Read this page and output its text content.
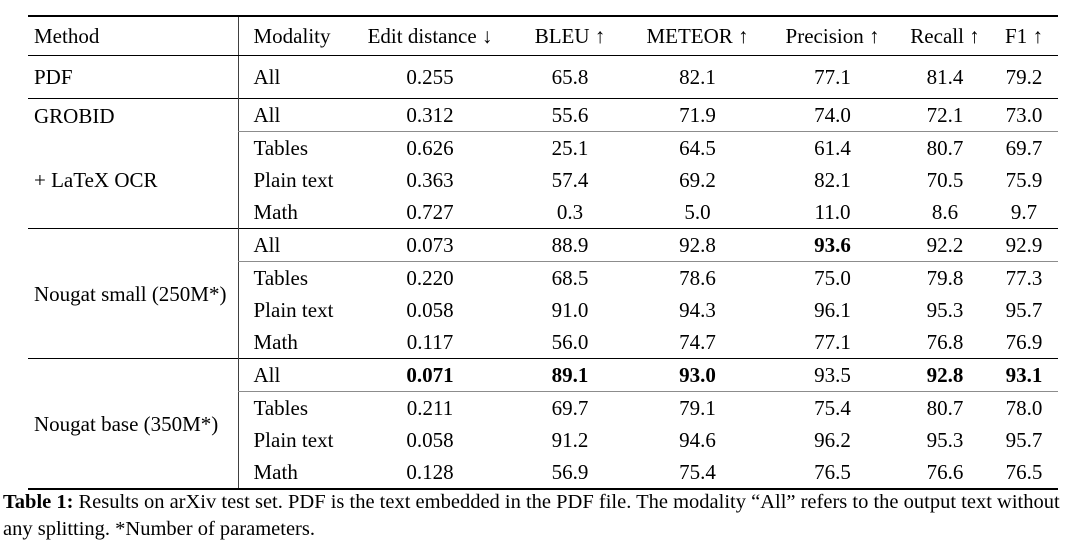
Method	Modality	Edit distance ↓	BLEU ↑	METEOR ↑	Precision ↑	Recall ↑	F1 ↑
PDF	All	0.255	65.8	82.1	77.1	81.4	79.2

GROBID
+ LaTeX OCR	All	0.312	55.6	71.9	74.0	72.1	73.0
	Tables	0.626	25.1	64.5	61.4	80.7	69.7
	Plain text	0.363	57.4	69.2	82.1	70.5	75.9
	Math	0.727	0.3	5.0	11.0	8.6	9.7
Nougat small (250M*)	All	0.073	88.9	92.8	93.6	92.2	92.9
	Tables	0.220	68.5	78.6	75.0	79.8	77.3
	Plain text	0.058	91.0	94.3	96.1	95.3	95.7
	Math	0.117	56.0	74.7	77.1	76.8	76.9
Nougat base (350M*)	All	0.071	89.1	93.0	93.5	92.8	93.1
	Tables	0.211	69.7	79.1	75.4	80.7	78.0
	Plain text	0.058	91.2	94.6	96.2	95.3	95.7
	Math	0.128	56.9	75.4	76.5	76.6	76.5
Table 1: Results on arXiv test set. PDF is the text embedded in the PDF file. The modality “All” refers to the output text without any splitting. *Number of parameters.
